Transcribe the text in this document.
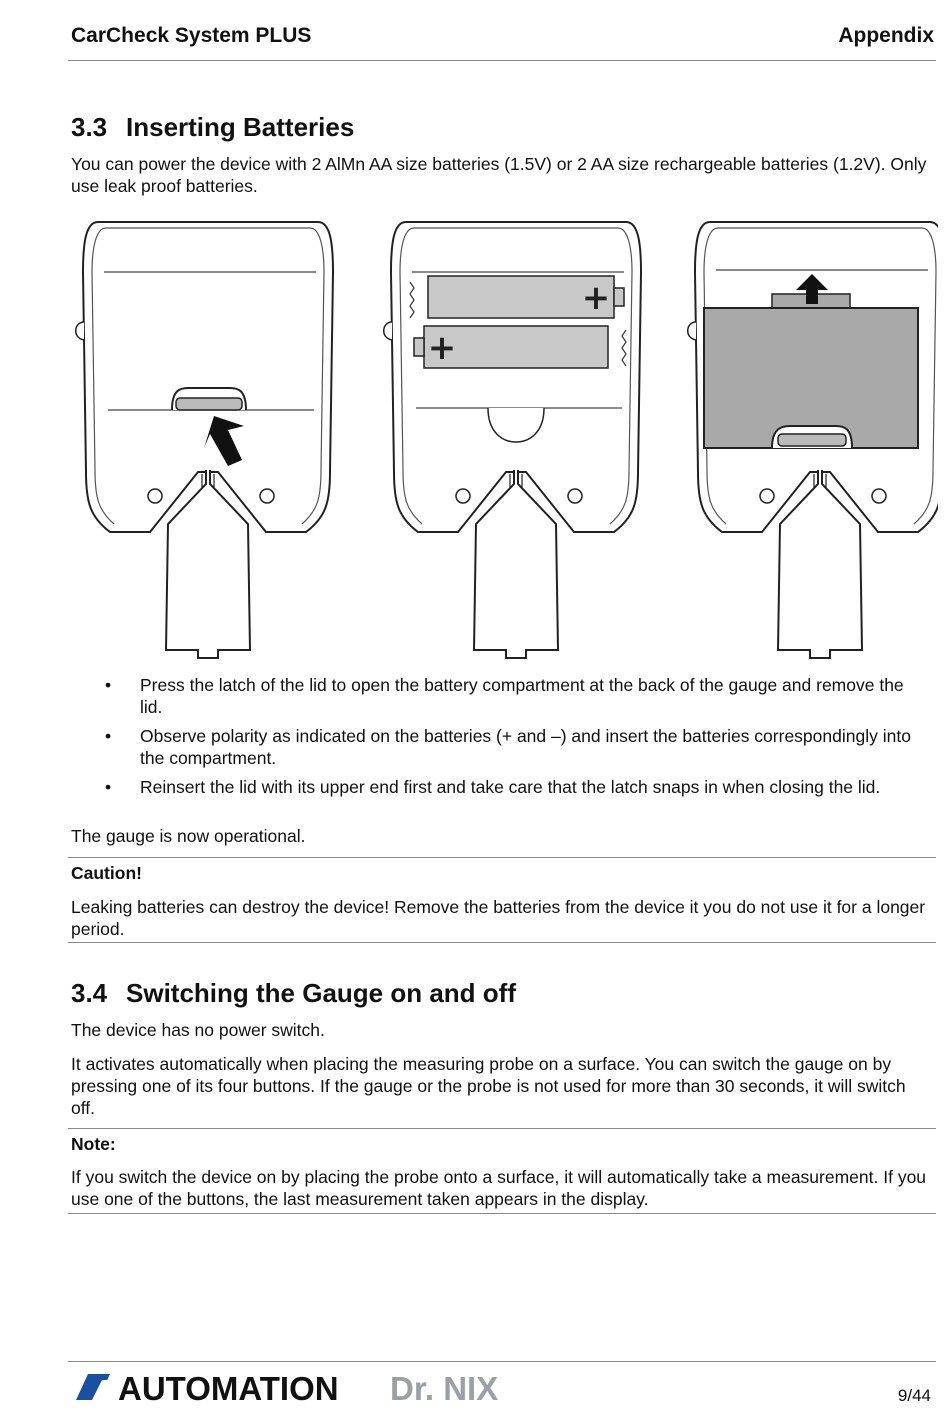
CarCheck System PLUS	Appendix
3.3 Inserting Batteries

You can power the device with 2 AlMn AA size batteries (1.5V) or 2 AA size rechargeable batteries (1.2V). Only use leak proof batteries.

+
+
• Press the latch of the lid to open the battery compartment at the back of the gauge and remove the lid.
• Observe polarity as indicated on the batteries (+ and –) and insert the batteries correspondingly into the compartment.
• Reinsert the lid with its upper end first and take care that the latch snaps in when closing the lid.

The gauge is now operational.

Caution!

Leaking batteries can destroy the device! Remove the batteries from the device it you do not use it for a longer period.

3.4 Switching the Gauge on and off

The device has no power switch.

It activates automatically when placing the measuring probe on a surface. You can switch the gauge on by pressing one of its four buttons. If the gauge or the probe is not used for more than 30 seconds, it will switch off.

Note:

If you switch the device on by placing the probe onto a surface, it will automatically take a measurement. If you use one of the buttons, the last measurement taken appears in the display.

AUTOMATION Dr. NIX	9/44
